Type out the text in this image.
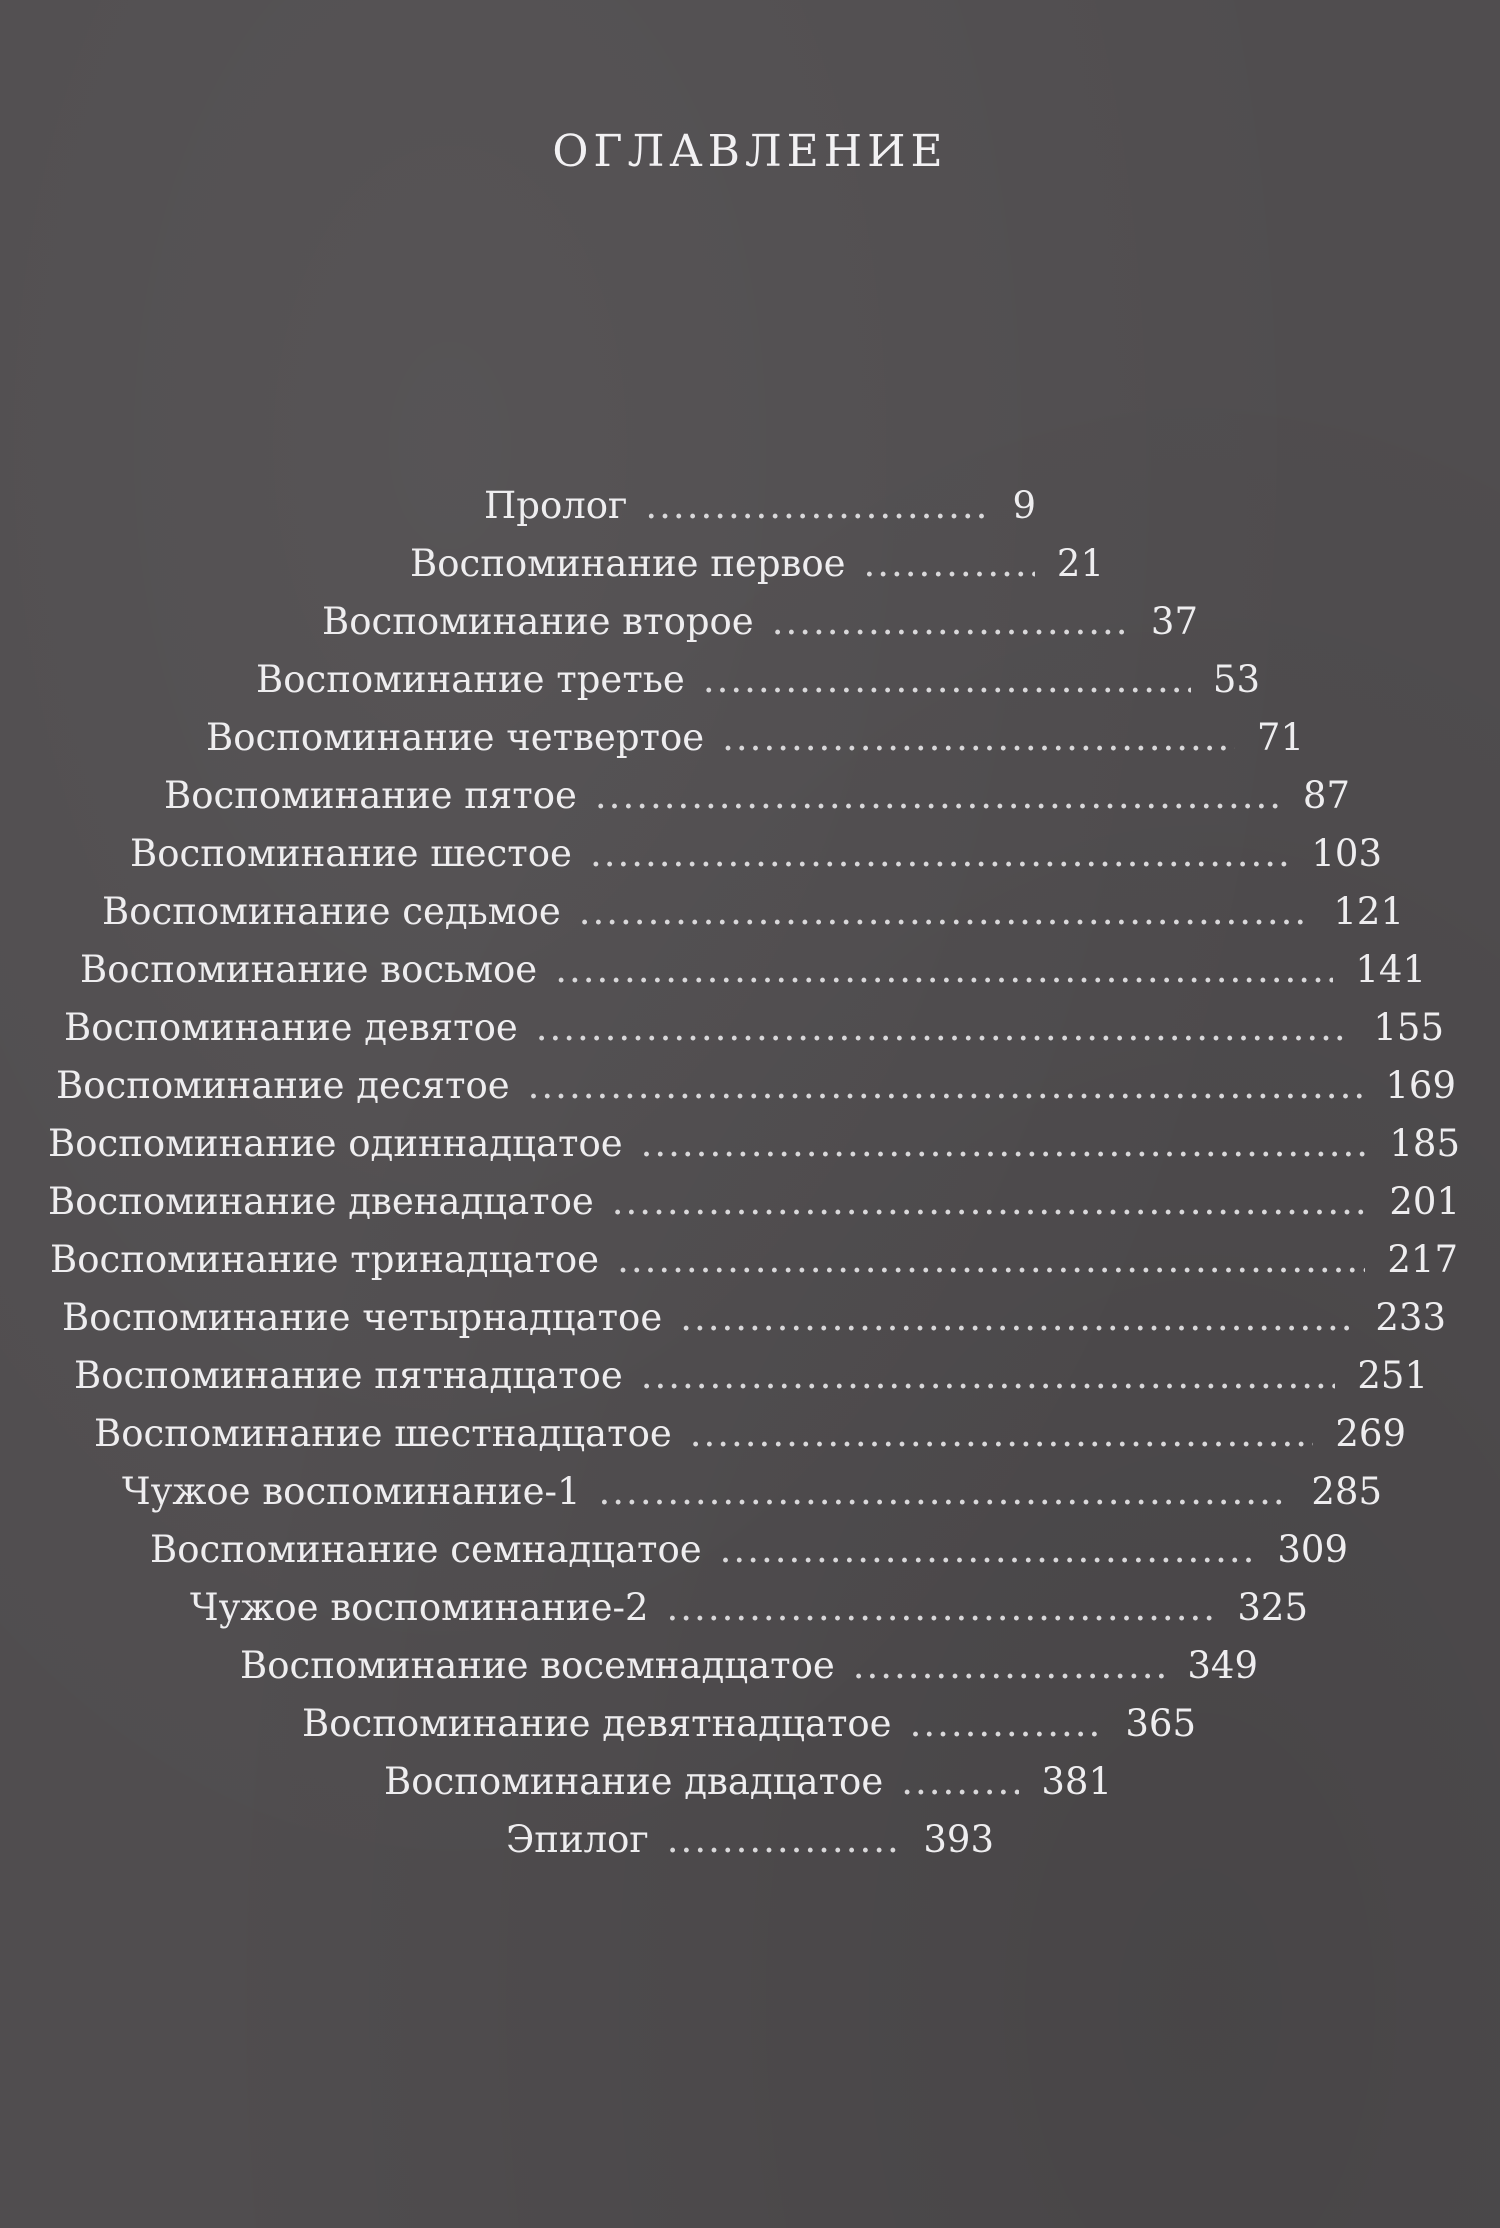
ОГЛАВЛЕНИЕ
Пролог .....	9
Воспоминание первое .....	21
Воспоминание второе .....	37
Воспоминание третье .....	53
Воспоминание четвертое .....	71
Воспоминание пятое .....	87
Воспоминание шестое .....	103
Воспоминание седьмое .....	121
Воспоминание восьмое .....	141
Воспоминание девятое .....	155
Воспоминание десятое .....	169
Воспоминание одиннадцатое .....	185
Воспоминание двенадцатое .....	201
Воспоминание тринадцатое .....	217
Воспоминание четырнадцатое .....	233
Воспоминание пятнадцатое .....	251
Воспоминание шестнадцатое .....	269
Чужое воспоминание-1 .....	285
Воспоминание семнадцатое .....	309
Чужое воспоминание-2 .....	325
Воспоминание восемнадцатое .....	349
Воспоминание девятнадцатое .....	365
Воспоминание двадцатое .....	381
Эпилог .....	393
